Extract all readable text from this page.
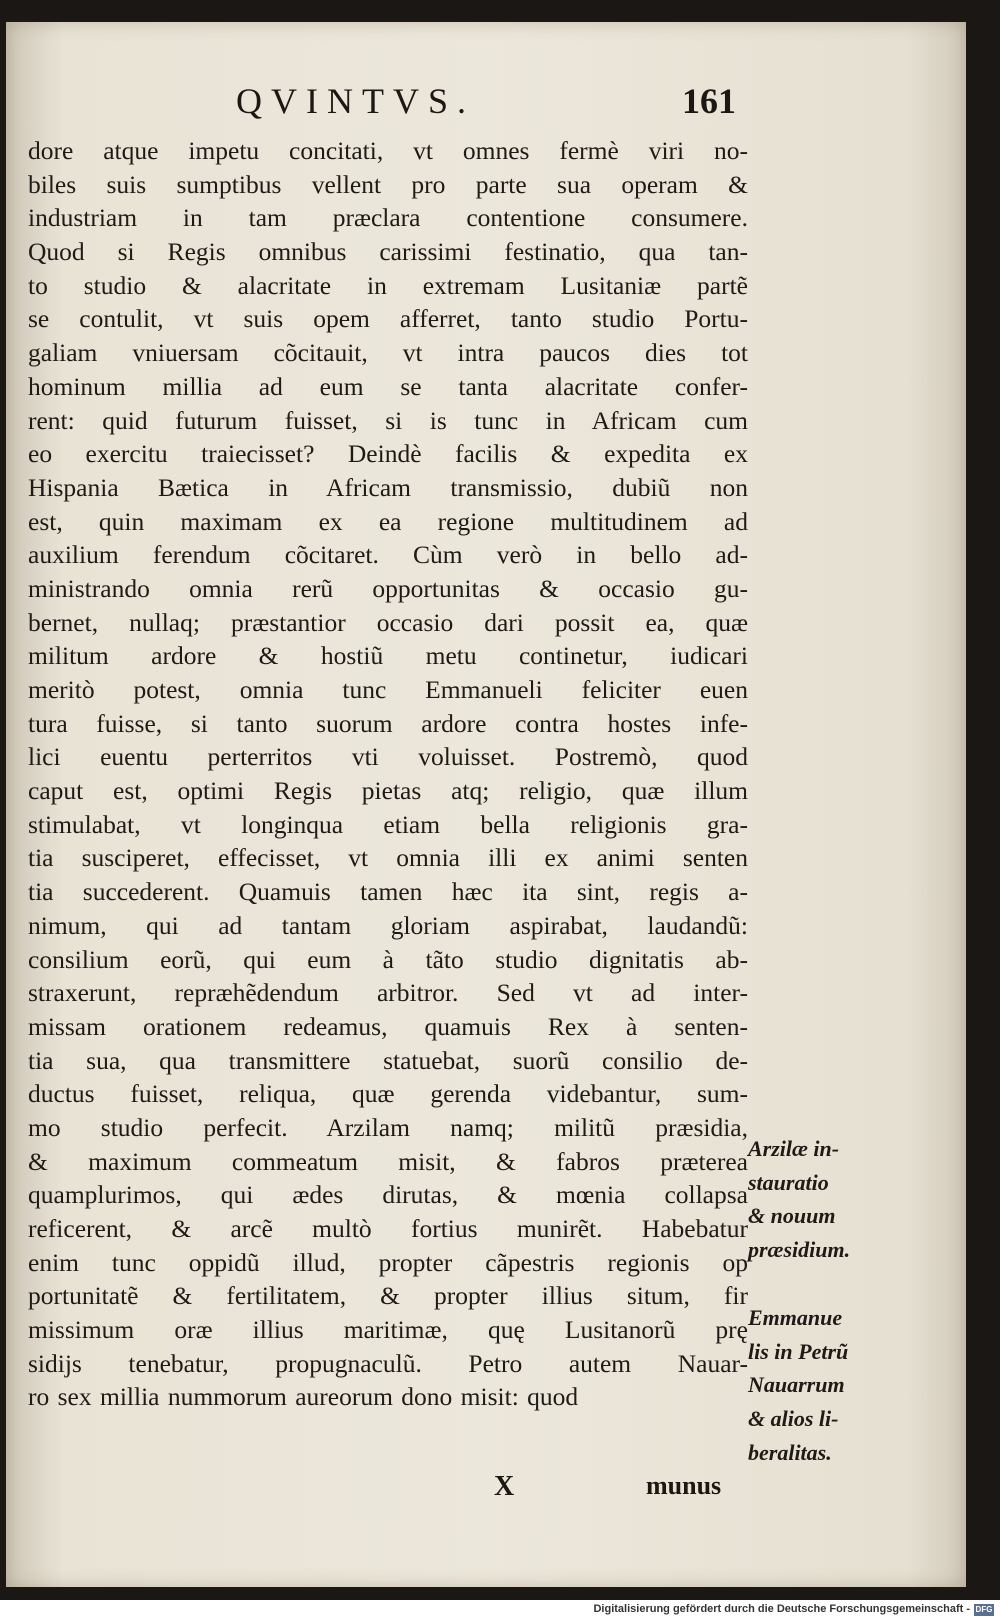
QVINTVS.	161
dore atque impetu concitati, vt omnes fermè viri no-
biles suis sumptibus vellent pro parte sua operam &
industriam in tam præclara contentione consumere.
Quod si Regis omnibus carissimi festinatio, qua tan-
to studio & alacritate in extremam Lusitaniæ partẽ
se contulit, vt suis opem afferret, tanto studio Portu-
galiam vniuersam cõcitauit, vt intra paucos dies tot
hominum millia ad eum se tanta alacritate confer-
rent: quid futurum fuisset, si is tunc in Africam cum
eo exercitu traiecisset? Deindè facilis & expedita ex
Hispania Bætica in Africam transmissio, dubiũ non
est, quin maximam ex ea regione multitudinem ad
auxilium ferendum cõcitaret. Cùm verò in bello ad-
ministrando omnia rerũ opportunitas & occasio gu-
bernet, nullaq; præstantior occasio dari possit ea, quæ
militum ardore & hostiũ metu continetur, iudicari
meritò potest, omnia tunc Emmanueli feliciter euen
tura fuisse, si tanto suorum ardore contra hostes infe-
lici euentu perterritos vti voluisset. Postremò, quod
caput est, optimi Regis pietas atq; religio, quæ illum
stimulabat, vt longinqua etiam bella religionis gra-
tia susciperet, effecisset, vt omnia illi ex animi senten
tia succederent. Quamuis tamen hæc ita sint, regis a-
nimum, qui ad tantam gloriam aspirabat, laudandũ:
consilium eorũ, qui eum à tãto studio dignitatis ab-
straxerunt, repræhẽdendum arbitror. Sed vt ad inter-
missam orationem redeamus, quamuis Rex à senten-
tia sua, qua transmittere statuebat, suorũ consilio de-
ductus fuisset, reliqua, quæ gerenda videbantur, sum-
mo studio perfecit. Arzilam namq; militũ præsidia,
& maximum commeatum misit, & fabros præterea
quamplurimos, qui ædes dirutas, & mœnia collapsa
reficerent, & arcẽ multò fortius munirẽt. Habebatur
enim tunc oppidũ illud, propter cãpestris regionis op
portunitatẽ & fertilitatem, & propter illius situm, fir
missimum oræ illius maritimæ, quę Lusitanorũ prę
sidijs tenebatur, propugnaculũ. Petro autem Nauar-
ro sex millia nummorum aureorum dono misit: quod
Arzilæ in-
stauratio
& nouum
præsidium.
Emmanue
lis in Petrũ
Nauarrum
& alios li-
beralitas.
X	munus
Digitalisierung gefördert durch die Deutsche Forschungsgemeinschaft - DFG
